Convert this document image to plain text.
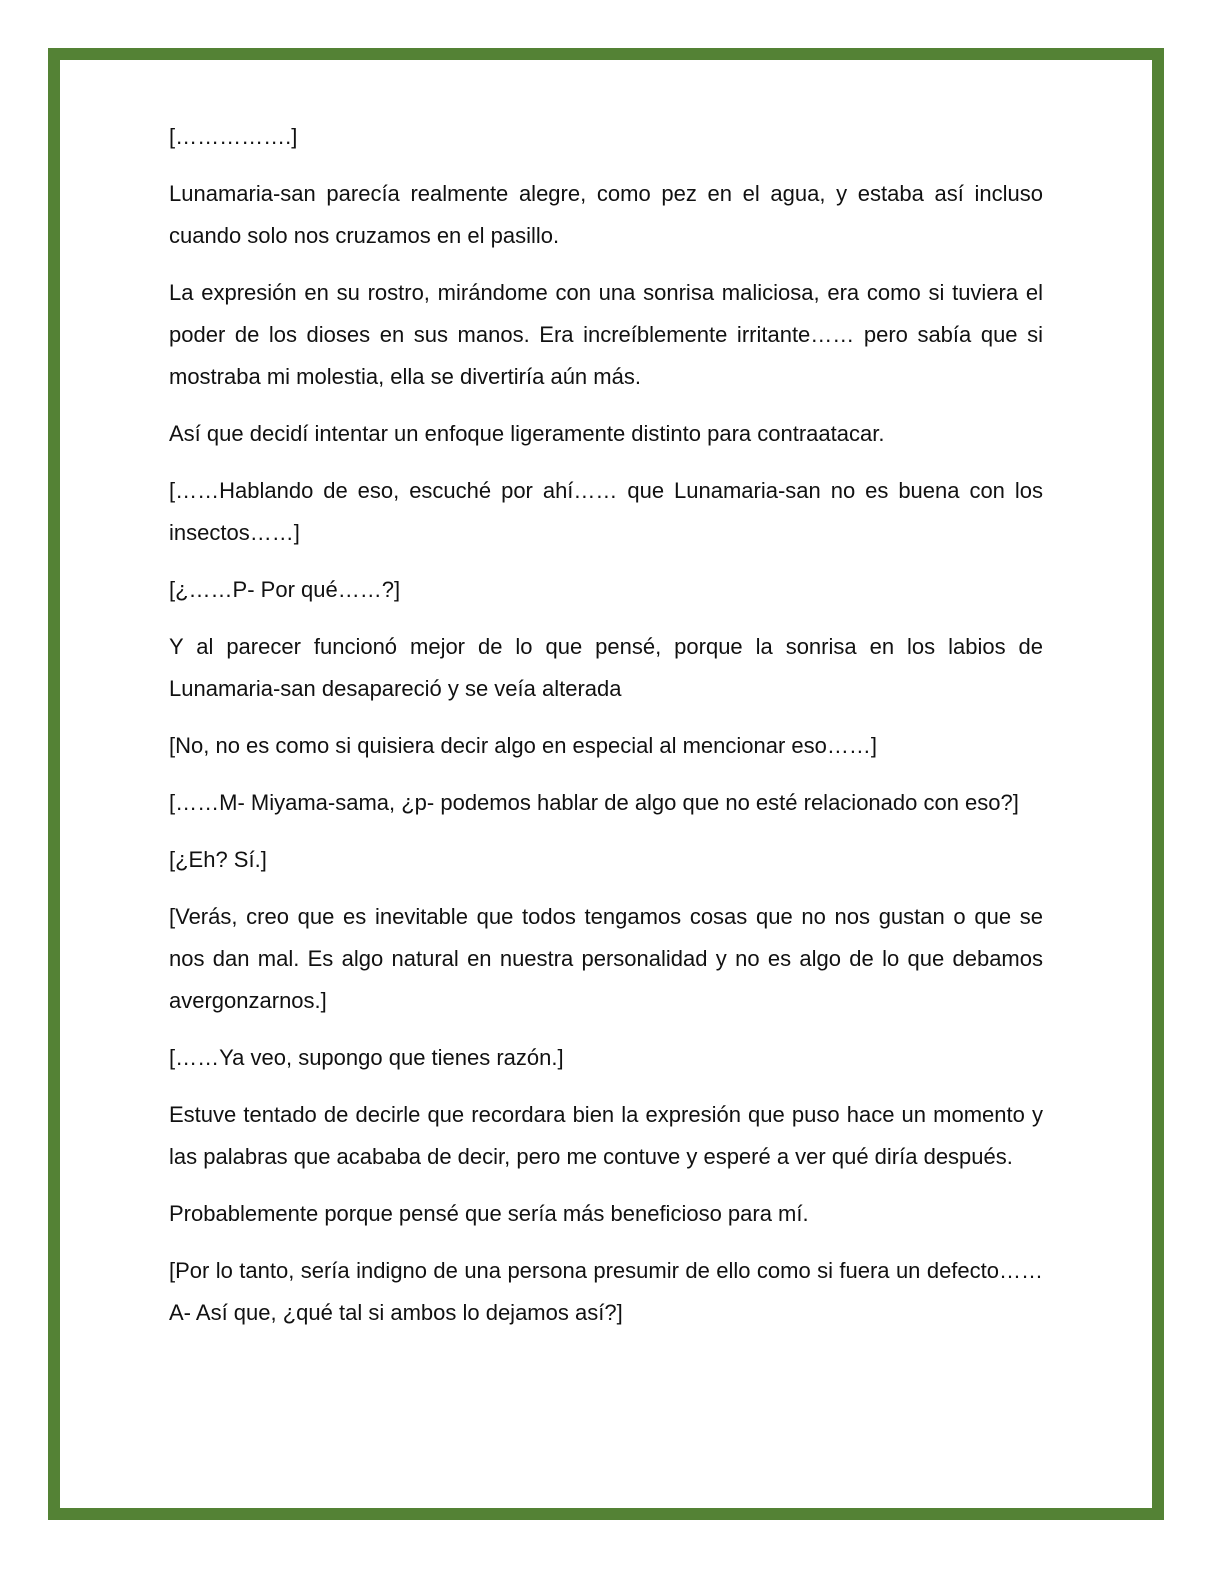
[…………….]

Lunamaria-san parecía realmente alegre, como pez en el agua, y estaba así incluso cuando solo nos cruzamos en el pasillo.

La expresión en su rostro, mirándome con una sonrisa maliciosa, era como si tuviera el poder de los dioses en sus manos. Era increíblemente irritante…… pero sabía que si mostraba mi molestia, ella se divertiría aún más.

Así que decidí intentar un enfoque ligeramente distinto para contraatacar.

[……Hablando de eso, escuché por ahí…… que Lunamaria-san no es buena con los insectos……]

[¿……P- Por qué……?]

Y al parecer funcionó mejor de lo que pensé, porque la sonrisa en los labios de Lunamaria-san desapareció y se veía alterada

[No, no es como si quisiera decir algo en especial al mencionar eso……]

[……M- Miyama-sama, ¿p- podemos hablar de algo que no esté relacionado con eso?]

[¿Eh? Sí.]

[Verás, creo que es inevitable que todos tengamos cosas que no nos gustan o que se nos dan mal. Es algo natural en nuestra personalidad y no es algo de lo que debamos avergonzarnos.]

[……Ya veo, supongo que tienes razón.]

Estuve tentado de decirle que recordara bien la expresión que puso hace un momento y las palabras que acababa de decir, pero me contuve y esperé a ver qué diría después.

Probablemente porque pensé que sería más beneficioso para mí.

[Por lo tanto, sería indigno de una persona presumir de ello como si fuera un defecto…… A- Así que, ¿qué tal si ambos lo dejamos así?]
